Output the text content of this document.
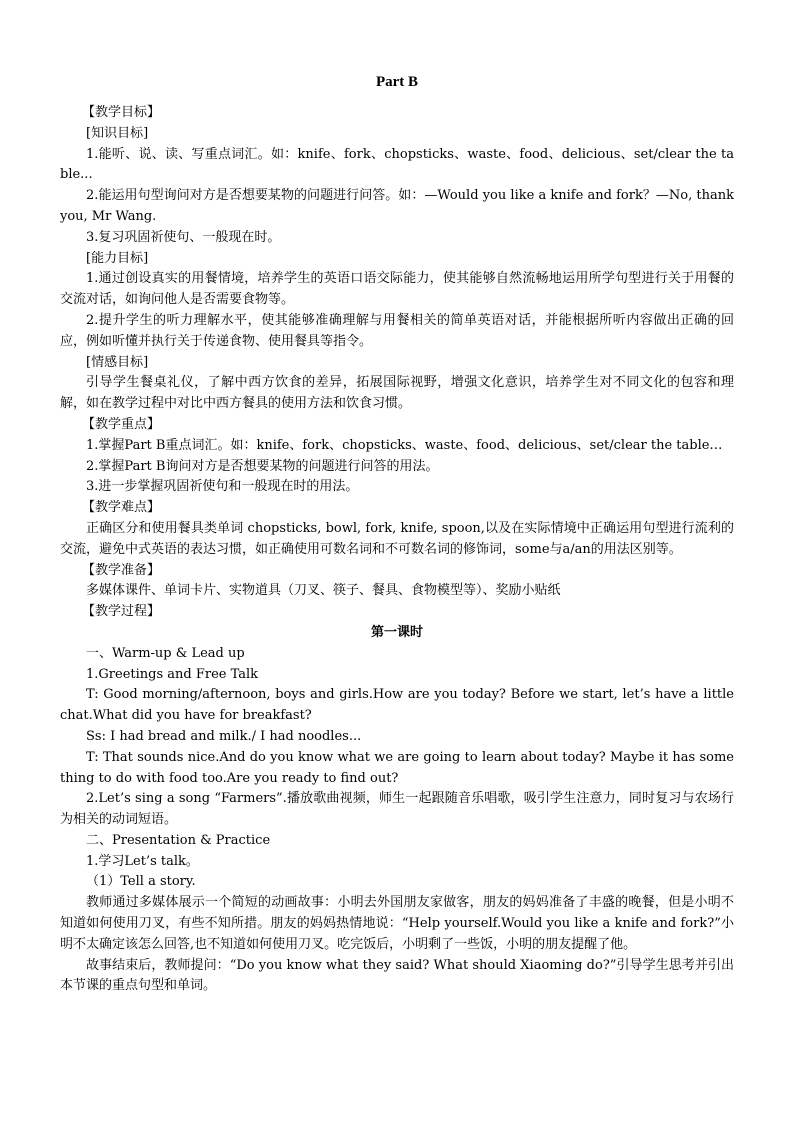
Part B

【教学目标】

[知识目标]

1.能听、说、读、写重点词汇。如：knife、fork、chopsticks、waste、food、delicious、set/clear the table...

2.能运用句型询问对方是否想要某物的问题进行问答。如：—Would you like a knife and fork？—No, thank you, Mr Wang.

3.复习巩固祈使句、一般现在时。

[能力目标]

1.通过创设真实的用餐情境，培养学生的英语口语交际能力，使其能够自然流畅地运用所学句型进行关于用餐的交流对话，如询问他人是否需要食物等。

2.提升学生的听力理解水平，使其能够准确理解与用餐相关的简单英语对话，并能根据所听内容做出正确的回应，例如听懂并执行关于传递食物、使用餐具等指令。

[情感目标]

引导学生餐桌礼仪，了解中西方饮食的差异，拓展国际视野，增强文化意识，培养学生对不同文化的包容和理解，如在教学过程中对比中西方餐具的使用方法和饮食习惯。

【教学重点】

1.掌握Part B重点词汇。如：knife、fork、chopsticks、waste、food、delicious、set/clear the table…

2.掌握Part B询问对方是否想要某物的问题进行问答的用法。

3.进一步掌握巩固祈使句和一般现在时的用法。

【教学难点】

正确区分和使用餐具类单词 chopsticks, bowl, fork, knife, spoon,以及在实际情境中正确运用句型进行流利的交流，避免中式英语的表达习惯，如正确使用可数名词和不可数名词的修饰词，some与a/an的用法区别等。

【教学准备】

多媒体课件、单词卡片、实物道具（刀叉、筷子、餐具、食物模型等）、奖励小贴纸

【教学过程】

第一课时

一、Warm-up & Lead up

1.Greetings and Free Talk

T: Good morning/afternoon, boys and girls.How are you today? Before we start, let’s have a little chat.What did you have for breakfast?

Ss: I had bread and milk./ I had noodles...

T: That sounds nice.And do you know what we are going to learn about today? Maybe it has something to do with food too.Are you ready to find out?

2.Let’s sing a song “Farmers”.播放歌曲视频，师生一起跟随音乐唱歌，吸引学生注意力，同时复习与农场行为相关的动词短语。

二、Presentation & Practice

1.学习Let’s talk。

（1）Tell a story.

教师通过多媒体展示一个简短的动画故事：小明去外国朋友家做客，朋友的妈妈准备了丰盛的晚餐，但是小明不知道如何使用刀叉，有些不知所措。朋友的妈妈热情地说：“Help yourself.Would you like a knife and fork?”小明不太确定该怎么回答,也不知道如何使用刀叉。吃完饭后，小明剩了一些饭，小明的朋友提醒了他。

故事结束后，教师提问：“Do you know what they said? What should Xiaoming do?”引导学生思考并引出本节课的重点句型和单词。
